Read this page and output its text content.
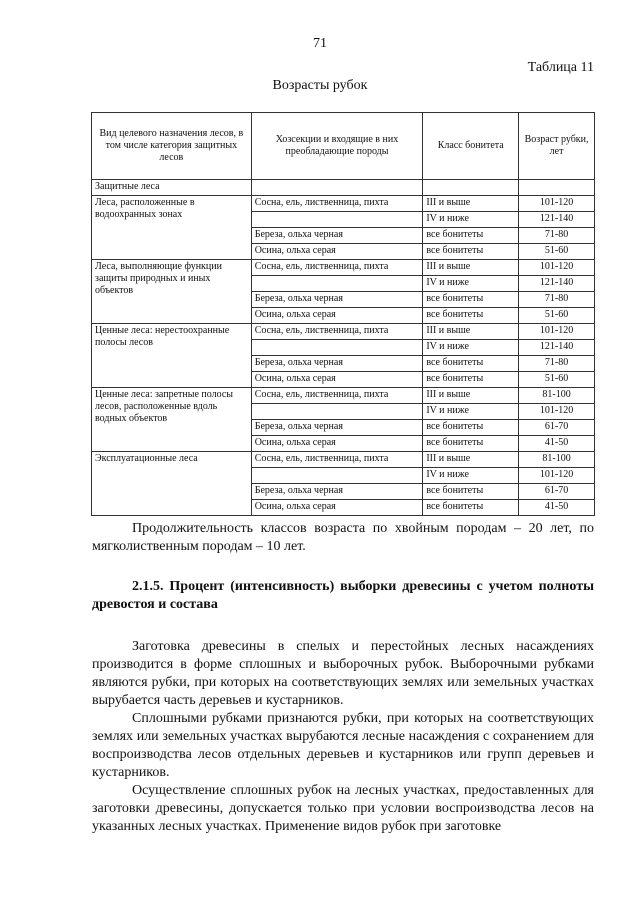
71
Таблица 11
Возрасты рубок
Вид целевого назначения лесов, в том числе категория защитных лесов	Хозсекции и входящие в них преобладающие породы	Класс бонитета	Возраст рубки, лет
Защитные леса			
Леса, расположенные в водоохранных зонах	Сосна, ель, лиственница, пихта	III и выше	101-120
		IV и ниже	121-140
	Береза, ольха черная	все бонитеты	71-80
	Осина, ольха серая	все бонитеты	51-60
Леса, выполняющие функции защиты природных и иных объектов	Сосна, ель, лиственница, пихта	III и выше	101-120
		IV и ниже	121-140
	Береза, ольха черная	все бонитеты	71-80
	Осина, ольха серая	все бонитеты	51-60
Ценные леса: нерестоохранные полосы лесов	Сосна, ель, лиственница, пихта	III и выше	101-120
		IV и ниже	121-140
	Береза, ольха черная	все бонитеты	71-80
	Осина, ольха серая	все бонитеты	51-60
Ценные леса: запретные полосы лесов, расположенные вдоль водных объектов	Сосна, ель, лиственница, пихта	III и выше	81-100
		IV и ниже	101-120
	Береза, ольха черная	все бонитеты	61-70
	Осина, ольха серая	все бонитеты	41-50
Эксплуатационные леса	Сосна, ель, лиственница, пихта	III и выше	81-100
		IV и ниже	101-120
	Береза, ольха черная	все бонитеты	61-70
	Осина, ольха серая	все бонитеты	41-50
Продолжительность классов возраста по хвойным породам – 20 лет, по мягколиственным породам – 10 лет.
2.1.5. Процент (интенсивность) выборки древесины с учетом полноты древостоя и состава
Заготовка древесины в спелых и перестойных лесных насаждениях производится в форме сплошных и выборочных рубок. Выборочными рубками являются рубки, при которых на соответствующих землях или земельных участках вырубается часть деревьев и кустарников.
Сплошными рубками признаются рубки, при которых на соответствующих землях или земельных участках вырубаются лесные насаждения с сохранением для воспроизводства лесов отдельных деревьев и кустарников или групп деревьев и кустарников.
Осуществление сплошных рубок на лесных участках, предоставленных для заготовки древесины, допускается только при условии воспроизводства лесов на указанных лесных участках. Применение видов рубок при заготовке
